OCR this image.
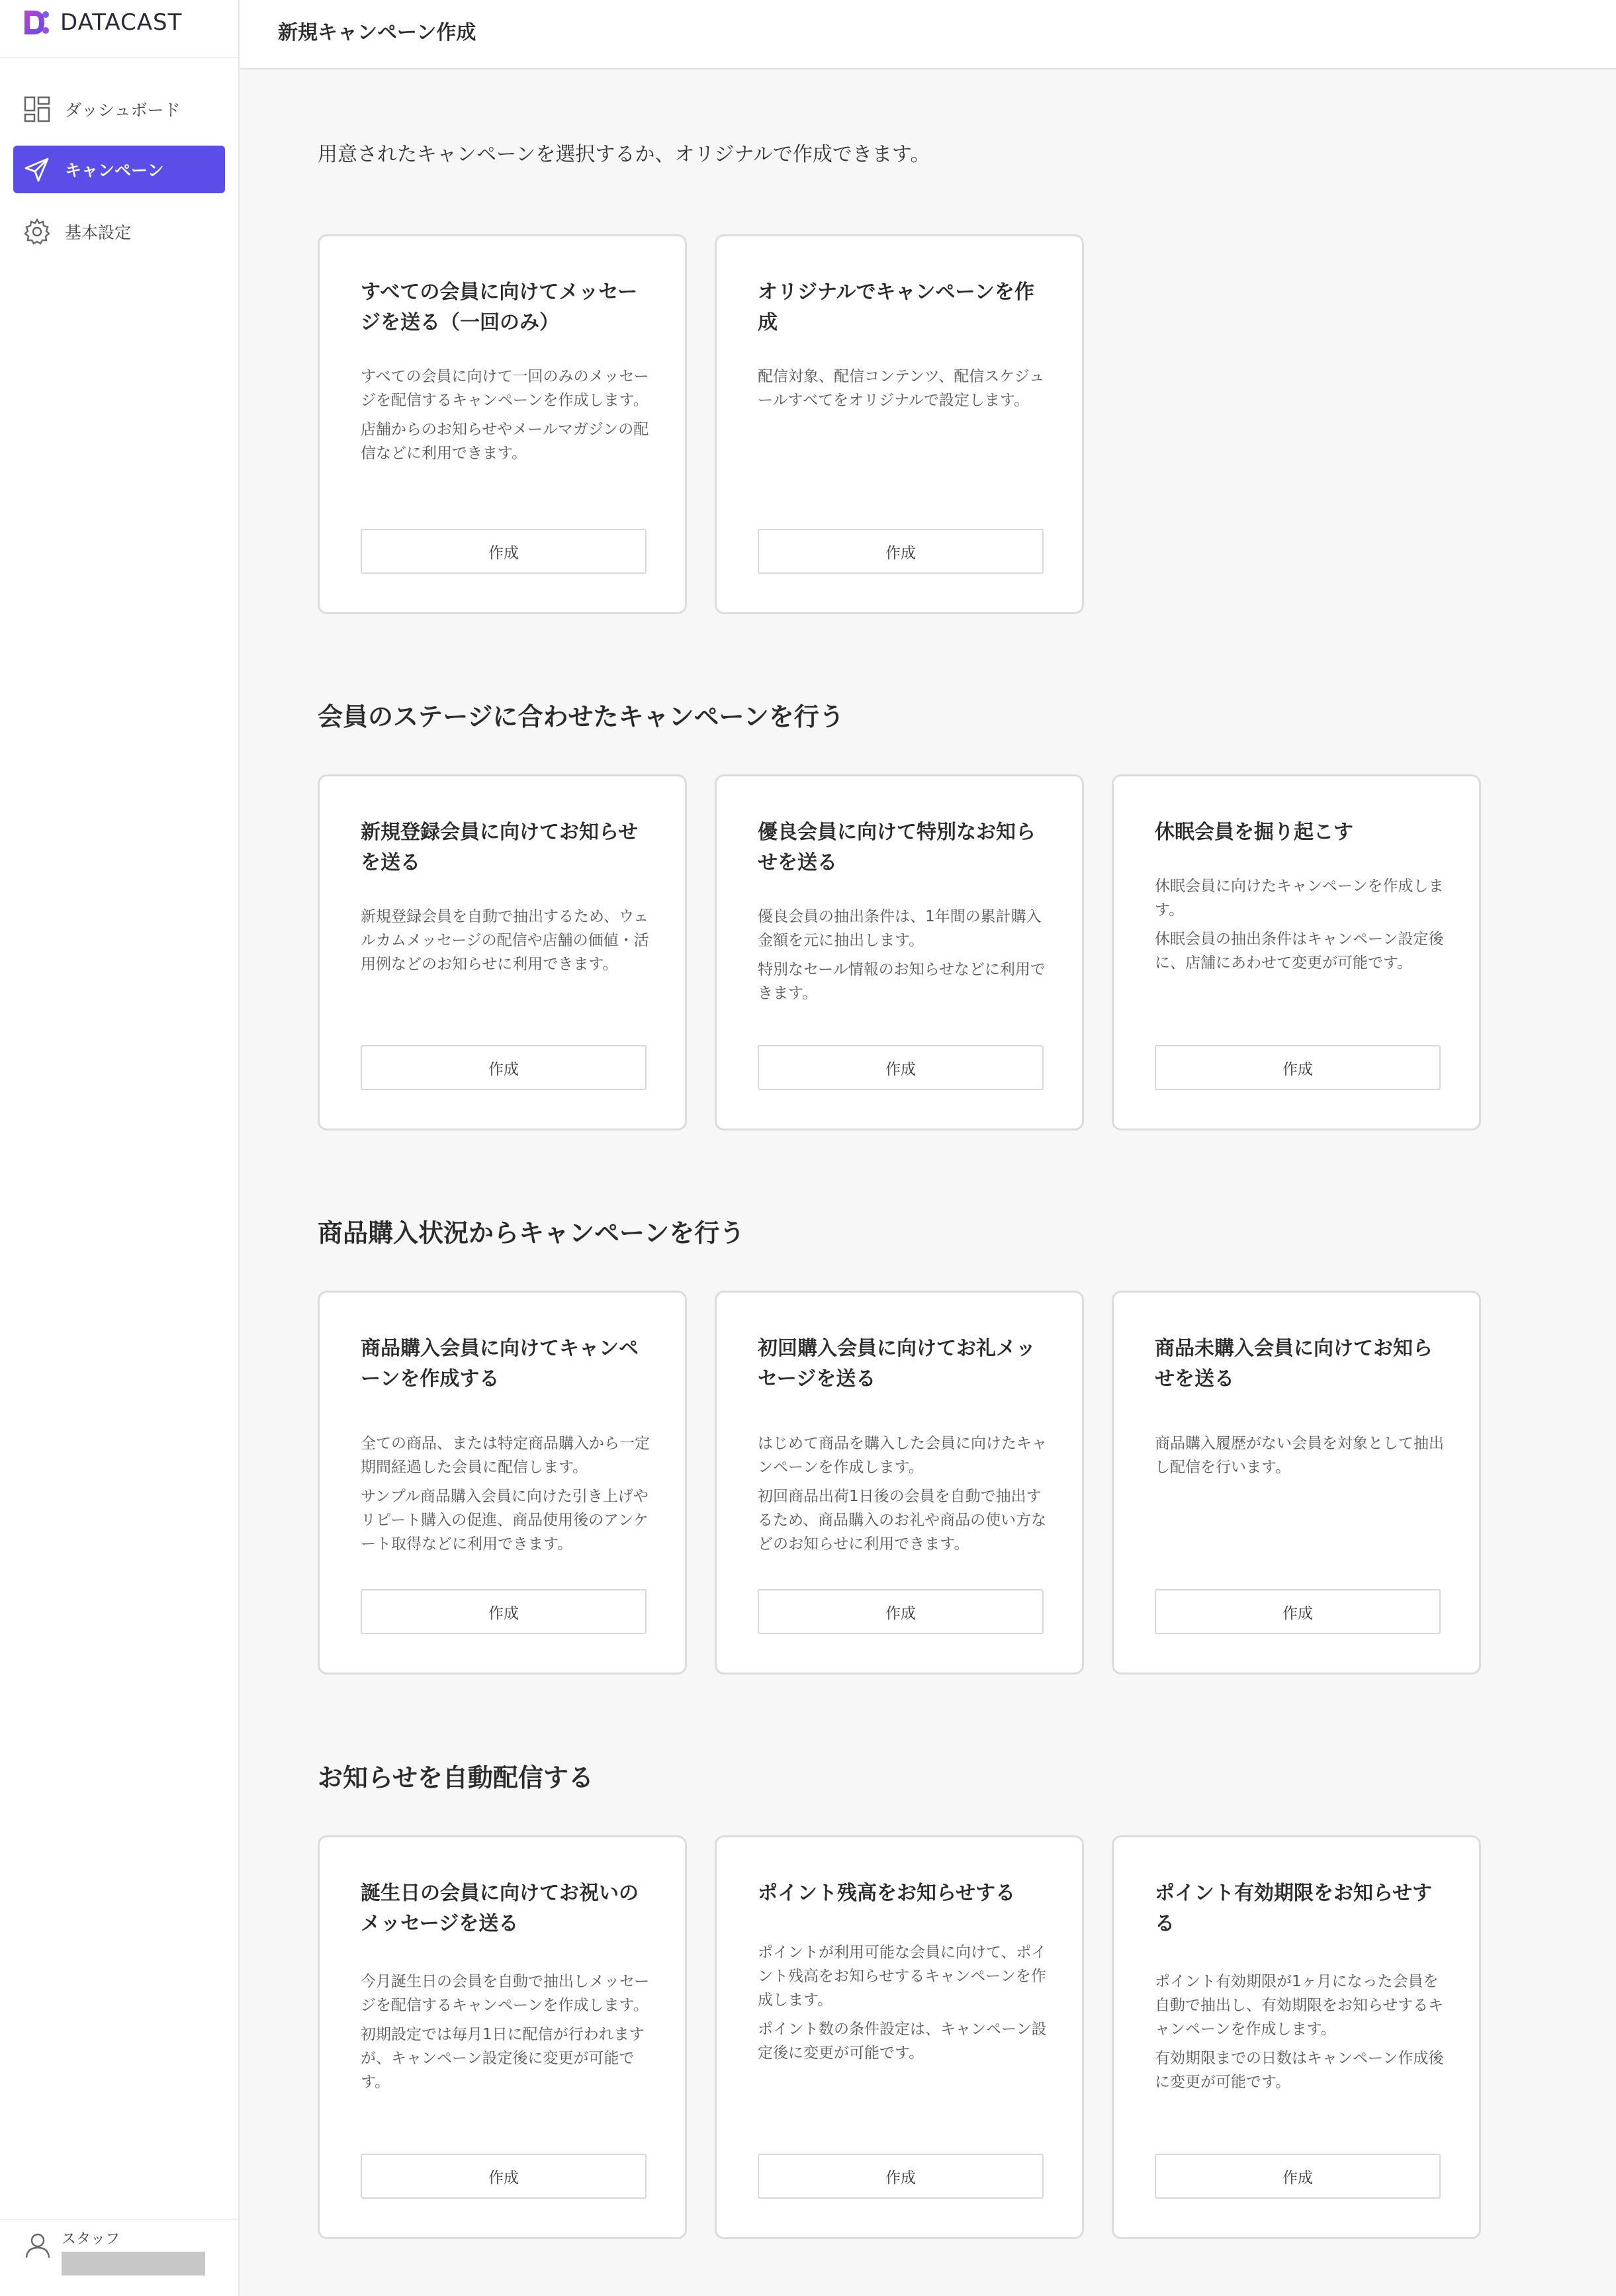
DATACAST
ダッシュボード
キャンペーン
基本設定
スタッフ
新規キャンペーン作成
用意されたキャンペーンを選択するか、オリジナルで作成できます。
すべての会員に向けてメッセージを送る（一回のみ）

すべての会員に向けて一回のみのメッセージを配信するキャンペーンを作成します。

店舗からのお知らせやメールマガジンの配信などに利用できます。

作成
オリジナルでキャンペーンを作成

配信対象、配信コンテンツ、配信スケジュールすべてをオリジナルで設定します。

作成
会員のステージに合わせたキャンペーンを行う
新規登録会員に向けてお知らせを送る

新規登録会員を自動で抽出するため、ウェルカムメッセージの配信や店舗の価値・活用例などのお知らせに利用できます。

作成
優良会員に向けて特別なお知らせを送る

優良会員の抽出条件は、1年間の累計購入金額を元に抽出します。

特別なセール情報のお知らせなどに利用できます。

作成
休眠会員を掘り起こす

休眠会員に向けたキャンペーンを作成します。

休眠会員の抽出条件はキャンペーン設定後に、店舗にあわせて変更が可能です。

作成
商品購入状況からキャンペーンを行う
商品購入会員に向けてキャンペーンを作成する

全ての商品、または特定商品購入から一定期間経過した会員に配信します。

サンプル商品購入会員に向けた引き上げやリピート購入の促進、商品使用後のアンケート取得などに利用できます。

作成
初回購入会員に向けてお礼メッセージを送る

はじめて商品を購入した会員に向けたキャンペーンを作成します。

初回商品出荷1日後の会員を自動で抽出するため、商品購入のお礼や商品の使い方などのお知らせに利用できます。

作成
商品未購入会員に向けてお知らせを送る

商品購入履歴がない会員を対象として抽出し配信を行います。

作成
お知らせを自動配信する
誕生日の会員に向けてお祝いのメッセージを送る

今月誕生日の会員を自動で抽出しメッセージを配信するキャンペーンを作成します。

初期設定では毎月1日に配信が行われますが、キャンペーン設定後に変更が可能です。

作成
ポイント残高をお知らせする

ポイントが利用可能な会員に向けて、ポイント残高をお知らせするキャンペーンを作成します。

ポイント数の条件設定は、キャンペーン設定後に変更が可能です。

作成
ポイント有効期限をお知らせする

ポイント有効期限が1ヶ月になった会員を自動で抽出し、有効期限をお知らせするキャンペーンを作成します。

有効期限までの日数はキャンペーン作成後に変更が可能です。

作成
